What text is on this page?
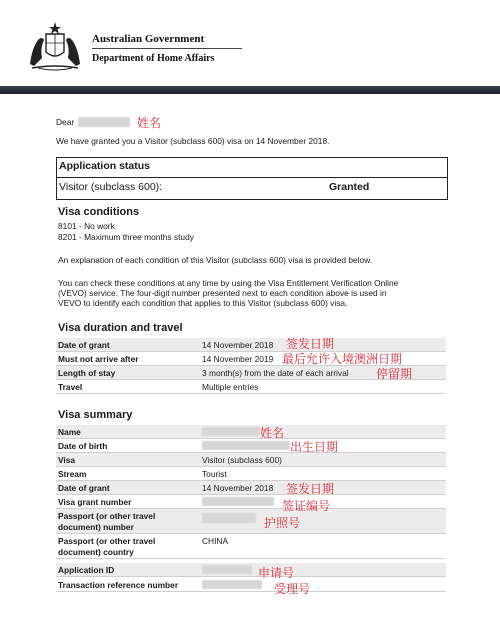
Australian Government
Department of Home Affairs
Dear	姓名
We have granted you a Visitor (subclass 600) visa on 14 November 2018.
Application status
Visitor (subclass 600):	Granted
Visa conditions
8101 - No work
8201 - Maximum three months study
An explanation of each condition of this Visitor (subclass 600) visa is provided below.
You can check these conditions at any time by using the Visa Entitlement Verification Online
(VEVO) service. The four-digit number presented next to each condition above is used in
VEVO to identify each condition that applies to this Visitor (subclass 600) visa.
Visa duration and travel
Date of grant	14 November 2018
Must not arrive after	14 November 2019
Length of stay	3 month(s) from the date of each arrival
Travel	Multiple entries
签发日期
最后允许入境澳洲日期
停留期
Visa summary
Name
Date of birth
Visa	Visitor (subclass 600)
Stream	Tourist
Date of grant	14 November 2018
Visa grant number
Passport (or other travel
document) number
Passport (or other travel
document) country
CHINA
Application ID
Transaction reference number
姓名
出生日期
签发日期
签证编号
护照号
申请号
受理号
